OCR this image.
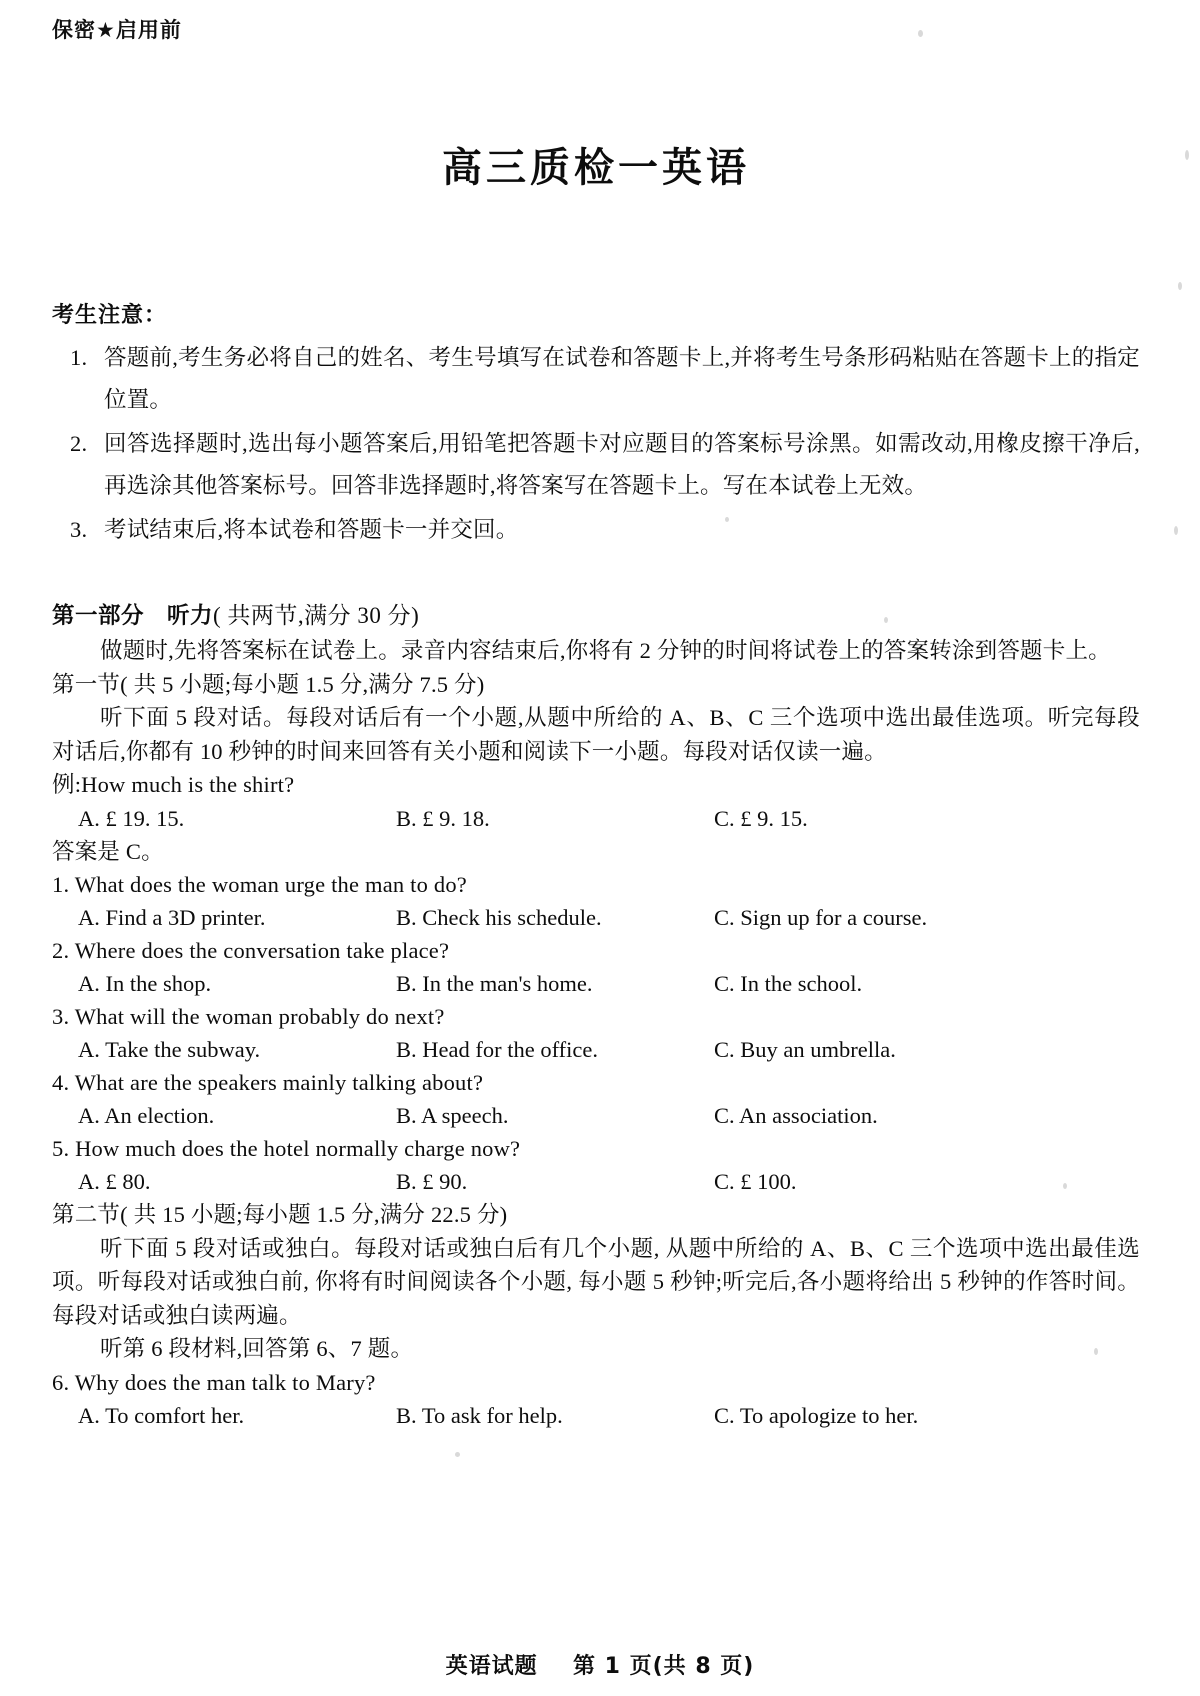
保密★启用前
高三质检一英语
考生注意：
1. 答题前,考生务必将自己的姓名、考生号填写在试卷和答题卡上,并将考生号条形码粘贴在答题卡上的指定位置。
2. 回答选择题时,选出每小题答案后,用铅笔把答题卡对应题目的答案标号涂黑。如需改动,用橡皮擦干净后,再选涂其他答案标号。回答非选择题时,将答案写在答题卡上。写在本试卷上无效。
3. 考试结束后,将本试卷和答题卡一并交回。
第一部分　听力( 共两节,满分 30 分)

做题时,先将答案标在试卷上。录音内容结束后,你将有 2 分钟的时间将试卷上的答案转涂到答题卡上。

第一节( 共 5 小题;每小题 1.5 分,满分 7.5 分)

听下面 5 段对话。每段对话后有一个小题,从题中所给的 A、B、C 三个选项中选出最佳选项。听完每段对话后,你都有 10 秒钟的时间来回答有关小题和阅读下一小题。每段对话仅读一遍。

例:How much is the shirt?

A. £ 19. 15.	B. £ 9. 18.	C. £ 9. 15.

答案是 C。

1. What does the woman urge the man to do?
A. Find a 3D printer.	B. Check his schedule.	C. Sign up for a course.
2. Where does the conversation take place?
A. In the shop.	B. In the man's home.	C. In the school.
3. What will the woman probably do next?
A. Take the subway.	B. Head for the office.	C. Buy an umbrella.
4. What are the speakers mainly talking about?
A. An election.	B. A speech.	C. An association.
5. How much does the hotel normally charge now?
A. £ 80.	B. £ 90.	C. £ 100.

第二节( 共 15 小题;每小题 1.5 分,满分 22.5 分)

听下面 5 段对话或独白。每段对话或独白后有几个小题, 从题中所给的 A、B、C 三个选项中选出最佳选项。听每段对话或独白前, 你将有时间阅读各个小题, 每小题 5 秒钟;听完后,各小题将给出 5 秒钟的作答时间。每段对话或独白读两遍。

听第 6 段材料,回答第 6、7 题。

6. Why does the man talk to Mary?
A. To comfort her.	B. To ask for help.	C. To apologize to her.
英语试题 第 1 页(共 8 页)
